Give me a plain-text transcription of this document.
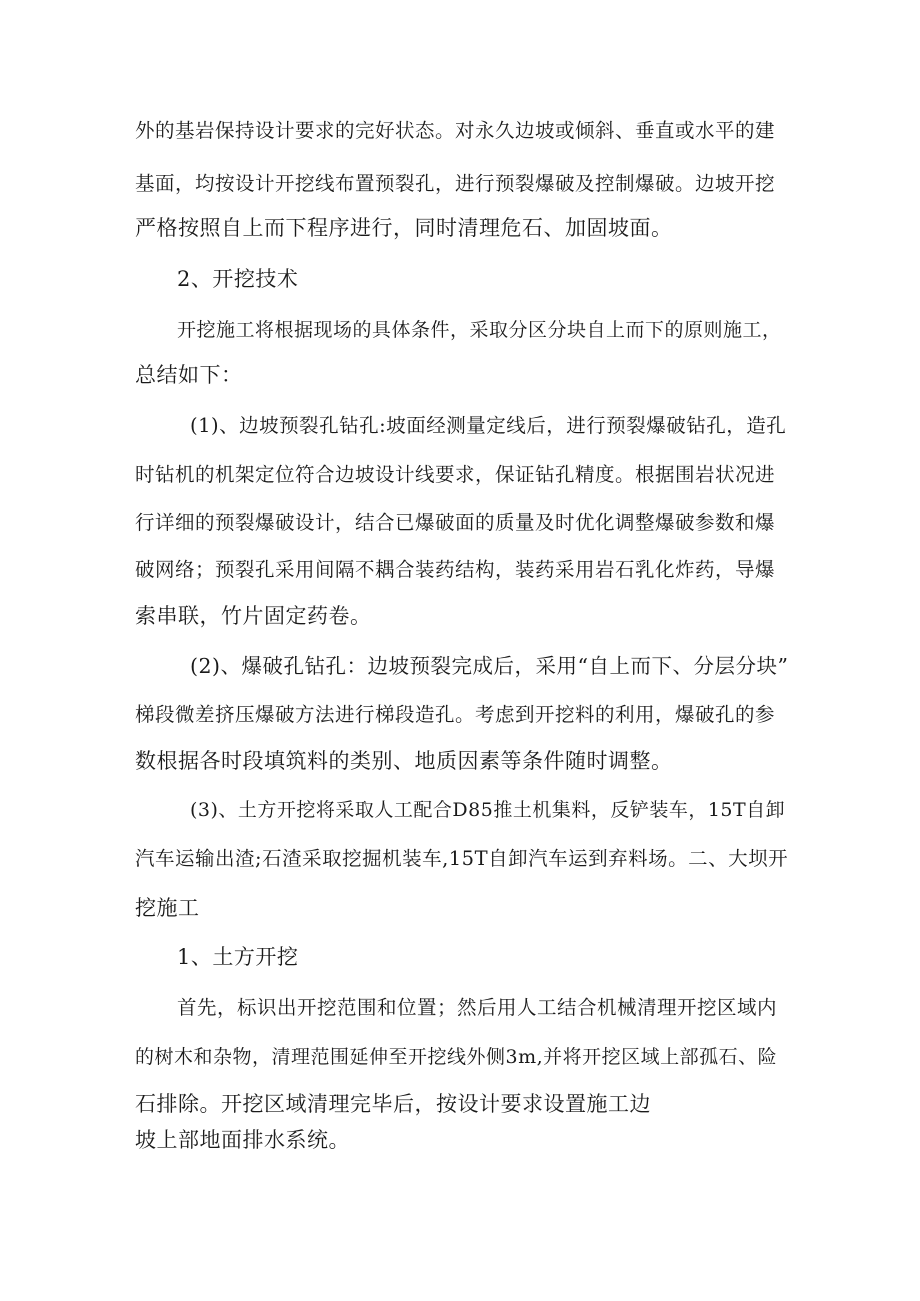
外的基岩保持设计要求的完好状态。对永久边坡或倾斜、垂直或水平的建
基面，均按设计开挖线布置预裂孔，进行预裂爆破及控制爆破。边坡开挖
严格按照自上而下程序进行，同时清理危石、加固坡面。
2、开挖技术
开挖施工将根据现场的具体条件，采取分区分块自上而下的原则施工，
总结如下：
(1)、边坡预裂孔钻孔:坡面经测量定线后，进行预裂爆破钻孔，造孔
时钻机的机架定位符合边坡设计线要求，保证钻孔精度。根据围岩状况进
行详细的预裂爆破设计，结合已爆破面的质量及时优化调整爆破参数和爆
破网络；预裂孔采用间隔不耦合装药结构，装药采用岩石乳化炸药，导爆
索串联，竹片固定药卷。
(2)、爆破孔钻孔：边坡预裂完成后，采用“自上而下、分层分块”
梯段微差挤压爆破方法进行梯段造孔。考虑到开挖料的利用，爆破孔的参
数根据各时段填筑料的类别、地质因素等条件随时调整。
(3)、土方开挖将采取人工配合D85推土机集料，反铲装车，15T自卸
汽车运输出渣;石渣采取挖掘机装车,15T自卸汽车运到弃料场。二、大坝开
挖施工
1、土方开挖
首先，标识出开挖范围和位置；然后用人工结合机械清理开挖区域内
的树木和杂物，清理范围延伸至开挖线外侧3m,并将开挖区域上部孤石、险
石排除。开挖区域清理完毕后，按设计要求设置施工边
坡上部地面排水系统。
